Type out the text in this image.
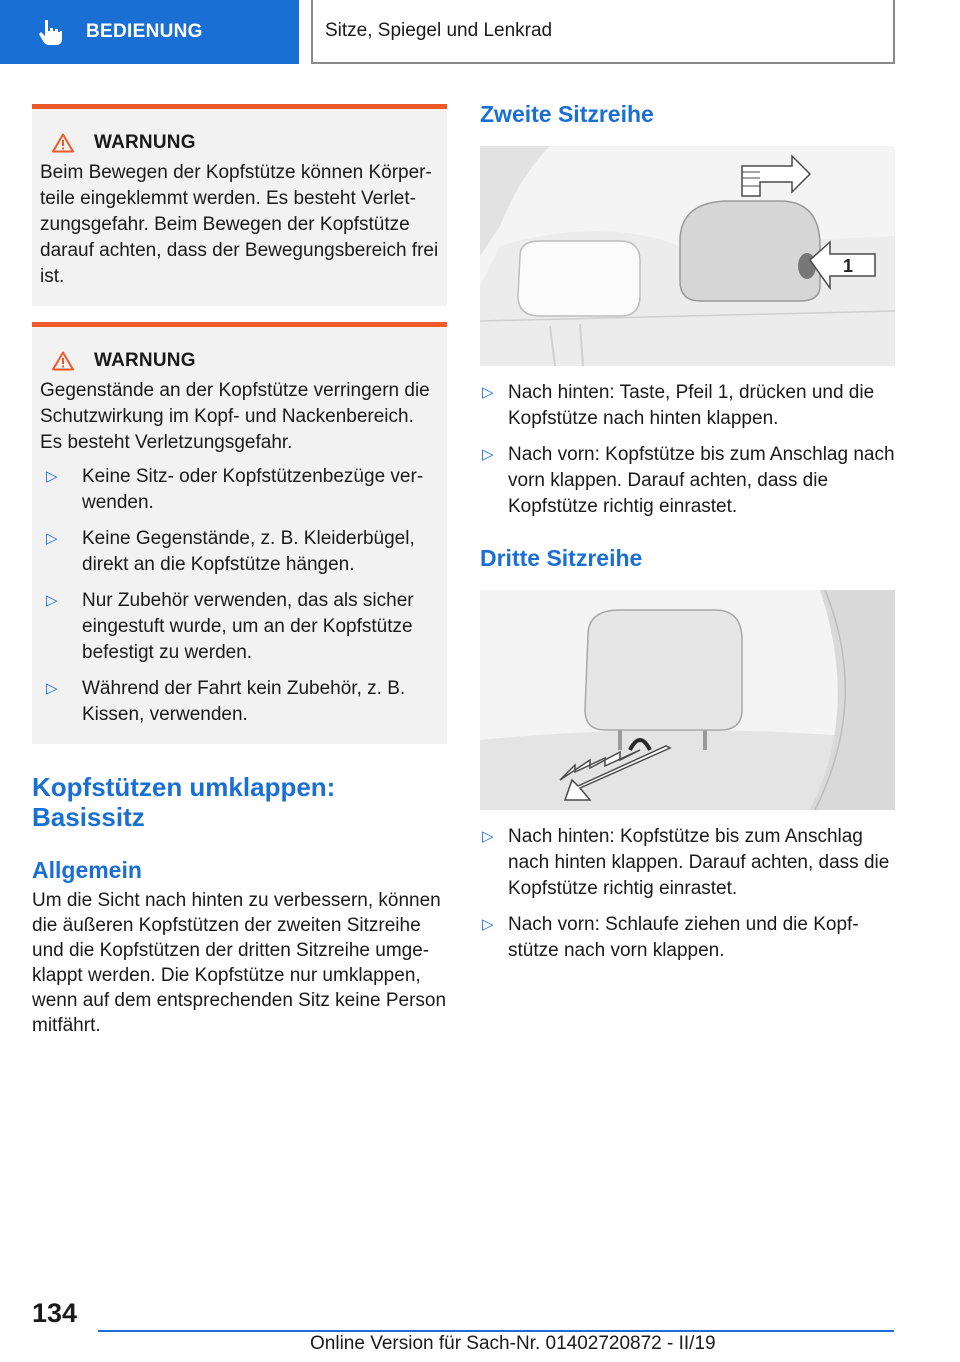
BEDIENUNG	Sitze, Spiegel und Lenkrad
WARNUNG

Beim Bewegen der Kopfstütze können Körperteile eingeklemmt werden. Es besteht Verletzungsgefahr. Beim Bewegen der Kopfstütze darauf achten, dass der Bewegungsbereich frei ist.

WARNUNG

Gegenstände an der Kopfstütze verringern die Schutzwirkung im Kopf- und Nackenbereich. Es besteht Verletzungsgefahr.

▷	Keine Sitz- oder Kopfstützenbezüge verwenden.
▷	Keine Gegenstände, z. B. Kleiderbügel, direkt an die Kopfstütze hängen.
▷	Nur Zubehör verwenden, das als sicher eingestuft wurde, um an der Kopfstütze befestigt zu werden.
▷	Während der Fahrt kein Zubehör, z. B. Kissen, verwenden.
Kopfstützen umklappen: Basissitz
Allgemein

Um die Sicht nach hinten zu verbessern, können die äußeren Kopfstützen der zweiten Sitzreihe und die Kopfstützen der dritten Sitzreihe umgeklappt werden. Die Kopfstütze nur umklappen, wenn auf dem entsprechenden Sitz keine Person mitfährt.

Zweite Sitzreihe
1
▷ Nach hinten: Taste, Pfeil 1, drücken und die Kopfstütze nach hinten klappen.
▷ Nach vorn: Kopfstütze bis zum Anschlag nach vorn klappen. Darauf achten, dass die Kopfstütze richtig einrastet.
Dritte Sitzreihe
▷ Nach hinten: Kopfstütze bis zum Anschlag nach hinten klappen. Darauf achten, dass die Kopfstütze richtig einrastet.
▷ Nach vorn: Schlaufe ziehen und die Kopfstütze nach vorn klappen.
134
Online Version für Sach-Nr. 01402720872 - II/19
